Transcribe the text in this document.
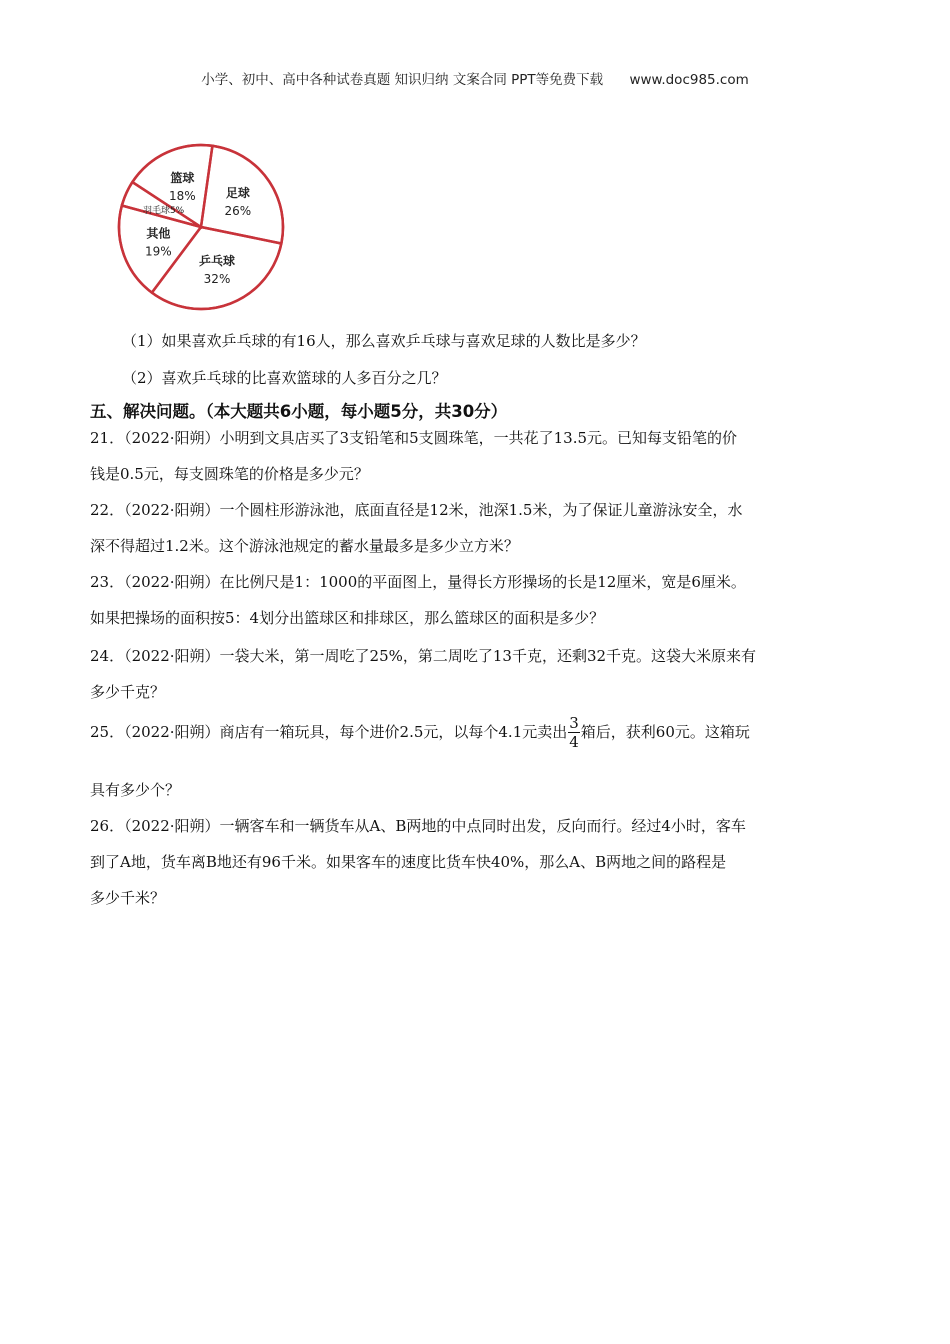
小学、初中、高中各种试卷真题 知识归纳 文案合同 PPT等免费下载 www.doc985.com
足球
26%
乒乓球
32%
其他
19%
羽毛球5%
篮球
18%
（1）如果喜欢乒乓球的有16人，那么喜欢乒乓球与喜欢足球的人数比是多少？
（2）喜欢乒乓球的比喜欢篮球的人多百分之几？
五、解决问题。（本大题共6小题，每小题5分，共30分）
21．（2022·阳朔）小明到文具店买了3支铅笔和5支圆珠笔，一共花了13.5元。已知每支铅笔的价
钱是0.5元，每支圆珠笔的价格是多少元？
22．（2022·阳朔）一个圆柱形游泳池，底面直径是12米，池深1.5米，为了保证儿童游泳安全，水
深不得超过1.2米。这个游泳池规定的蓄水量最多是多少立方米？
23．（2022·阳朔）在比例尺是1：1000的平面图上，量得长方形操场的长是12厘米，宽是6厘米。
如果把操场的面积按5：4划分出篮球区和排球区，那么篮球区的面积是多少？
24．（2022·阳朔）一袋大米，第一周吃了25%，第二周吃了13千克，还剩32千克。这袋大米原来有
多少千克？
25．（2022·阳朔）商店有一箱玩具，每个进价2.5元，以每个4.1元卖出 $\frac{3}{4}$ 箱后，获利60元。这箱玩
具有多少个？
26．（2022·阳朔）一辆客车和一辆货车从A、B两地的中点同时出发，反向而行。经过4小时，客车
到了A地，货车离B地还有96千米。如果客车的速度比货车快40%，那么A、B两地之间的路程是
多少千米？
